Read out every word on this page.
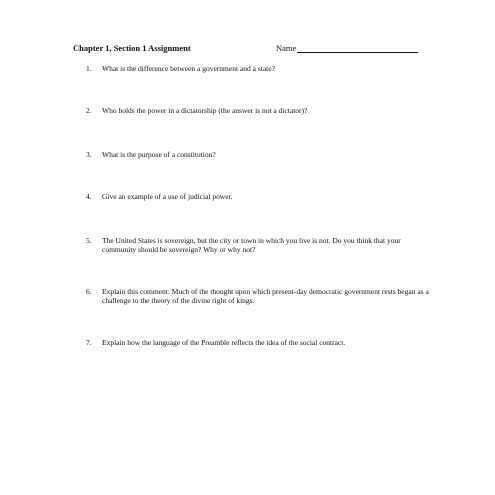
Chapter 1, Section 1 Assignment	Name
1.	What is the difference between a government and a state?
2.	Who holds the power in a dictatorship (the answer is not a dictator)?
3.	What is the purpose of a constitution?
4.	Give an example of a use of judicial power.
5.	The United States is sovereign, but the city or town in which you live is not. Do you think that your community should be sovereign? Why or why not?
6.	Explain this comment: Much of the thought upon which present-day democratic government rests began as a challenge to the theory of the divine right of kings.
7.	Explain how the language of the Preamble reflects the idea of the social contract.
